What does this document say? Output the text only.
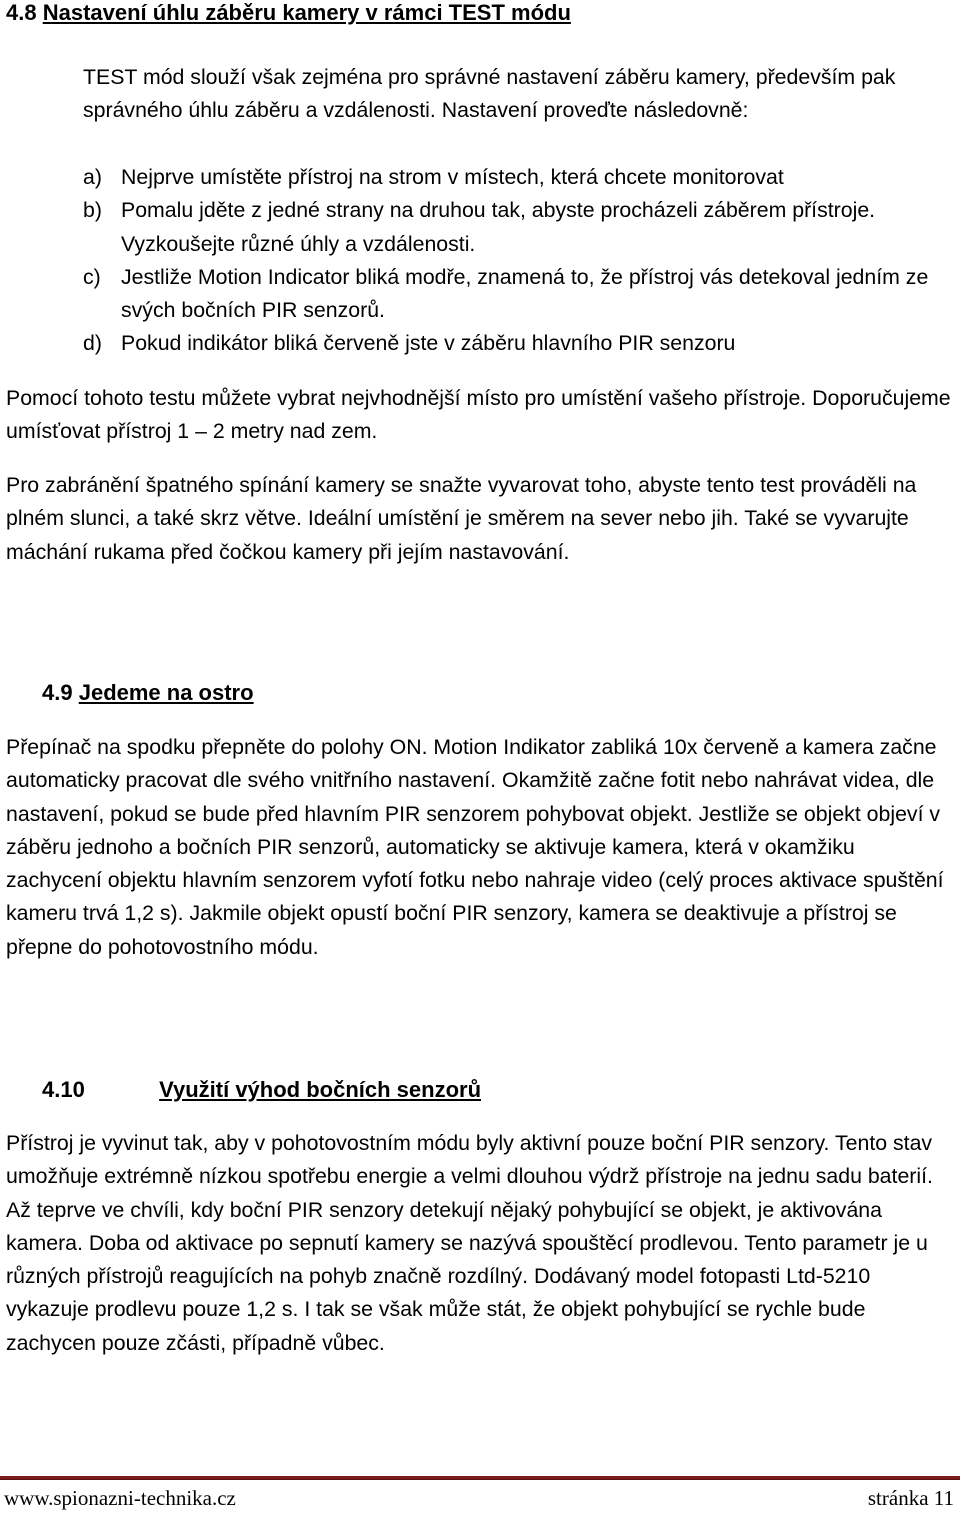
4.8 Nastavení úhlu záběru kamery v rámci TEST módu

TEST mód slouží však zejména pro správné nastavení záběru kamery, především pak správného úhlu záběru a vzdálenosti. Nastavení proveďte následovně:

a) Nejprve umístěte přístroj na strom v místech, která chcete monitorovat
b) Pomalu jděte z jedné strany na druhou tak, abyste procházeli záběrem přístroje. Vyzkoušejte různé úhly a vzdálenosti.
c) Jestliže Motion Indicator bliká modře, znamená to, že přístroj vás detekoval jedním ze svých bočních PIR senzorů.
d) Pokud indikátor bliká červeně jste v záběru hlavního PIR senzoru

Pomocí tohoto testu můžete vybrat nejvhodnější místo pro umístění vašeho přístroje. Doporučujeme umísťovat přístroj 1 – 2 metry nad zem.

Pro zabránění špatného spínání kamery se snažte vyvarovat toho, abyste tento test prováděli na plném slunci, a také skrz větve. Ideální umístění je směrem na sever nebo jih. Také se vyvarujte máchání rukama před čočkou kamery při jejím nastavování.

4.9 Jedeme na ostro

Přepínač na spodku přepněte do polohy ON. Motion Indikator zabliká 10x červeně a kamera začne automaticky pracovat dle svého vnitřního nastavení. Okamžitě začne fotit nebo nahrávat videa, dle nastavení, pokud se bude před hlavním PIR senzorem pohybovat objekt. Jestliže se objekt objeví v záběru jednoho a bočních PIR senzorů, automaticky se aktivuje kamera, která v okamžiku zachycení objektu hlavním senzorem vyfotí fotku nebo nahraje video (celý proces aktivace spuštění kameru trvá 1,2 s). Jakmile objekt opustí boční PIR senzory, kamera se deaktivuje a přístroj se přepne do pohotovostního módu.

4.10	Využití výhod bočních senzorů

Přístroj je vyvinut tak, aby v pohotovostním módu byly aktivní pouze boční PIR senzory. Tento stav umožňuje extrémně nízkou spotřebu energie a velmi dlouhou výdrž přístroje na jednu sadu baterií. Až teprve ve chvíli, kdy boční PIR senzory detekují nějaký pohybující se objekt, je aktivována kamera. Doba od aktivace po sepnutí kamery se nazývá spouštěcí prodlevou. Tento parametr je u různých přístrojů reagujících na pohyb značně rozdílný. Dodávaný model fotopasti Ltd-5210 vykazuje prodlevu pouze 1,2 s. I tak se však může stát, že objekt pohybující se rychle bude zachycen pouze zčásti, případně vůbec.

www.spionazni-technika.cz	stránka 11
